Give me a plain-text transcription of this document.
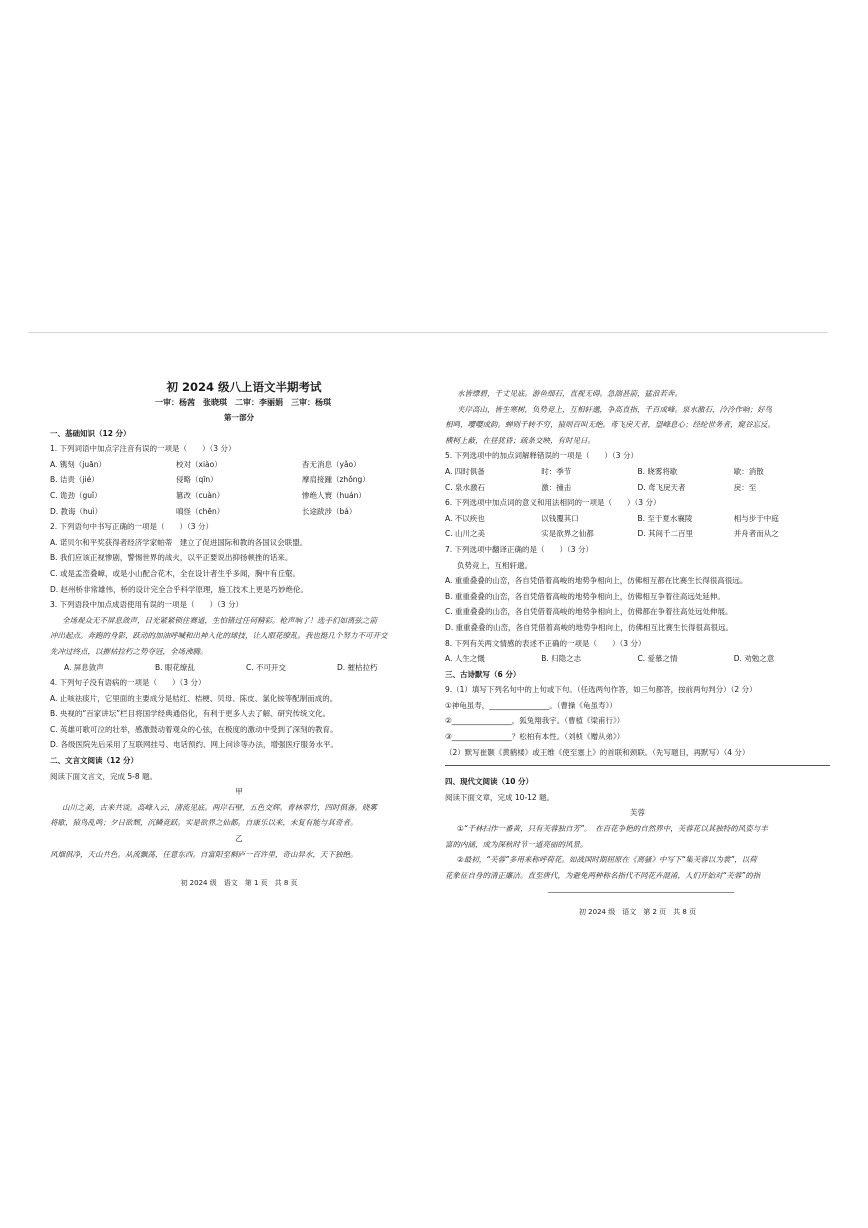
初 2024 级八上语文半期考试
一审：杨茜　张晓琪　二审：李丽娟　三审：杨琪
第一部分
一、基础知识（12 分）
1. 下列词语中加点字注音有误的一项是（　　）（3 分）
A. 镌刻（juān）	校对（xiào）	杳无消息（yǎo）
B. 诘责（jié）	侵略（qīn）	摩肩接踵（zhǒng）
C. 诡劲（guǐ）	篡改（cuàn）	惨绝人寰（huán）
D. 教诲（huì）	嗔怪（chēn）	长途跋涉（bá）
2. 下列语句中书写正确的一项是（　　）（3 分）
A. 诺贝尔和平奖获得者经济学家帕蒂　建立了促进国际和教的各国议会联盟。
B. 我们应该正视惨剧，警惕世界的战火，以平正要说出抑扬顿挫的话来。
C. 或是孟峦叠嶂，或是小山配合花木，全在设计者生乎多闻，胸中有丘壑。
D. 赵州桥非常雄伟，桥的设计完全合乎科学原理，施工技术上更是巧妙绝伦。
3. 下列语段中加点成语使用有误的一项是（　　）（3 分）
全场观众无不屏息敛声，目光紧紧锁住赛道，生怕错过任何精彩。枪声响了！选手们如离弦之箭
冲出起点。奔跑的身影，跃动的加油呼喊和出神入化的球技，让人眼花缭乱。我也挺几个努力不可开交
先冲过终点，以摧枯拉朽之势夺冠，全场沸腾。
A. 屏息敛声	B. 眼花缭乱	C. 不可开交	D. 摧枯拉朽
4. 下列句子没有语病的一项是（　　）（3 分）
A. 止咳祛痰片，它里面的主要成分是桔红、桔梗、贝母、陈皮、氯化铵等配制而成的。
B. 央视的“百家讲坛”栏目将国学经典通俗化，有利于更多人去了解、研究传统文化。
C. 英雄可歌可泣的壮举，感激鼓动着观众的心弦，在极度的激动中受到了深刻的教育。
D. 各级医院先后采用了互联网挂号、电话预约、网上问诊等办法，增强医疗服务水平。
二、文言文阅读（12 分）
阅读下面文言文，完成 5-8 题。
甲
山川之美，古来共谈。高峰入云，清流见底。两岸石壁，五色交辉。青林翠竹，四时俱备。晓雾
将歇，猿鸟乱鸣；夕日欲颓，沉鳞竞跃。实是欲界之仙都。自康乐以来，未复有能与其奇者。
乙
风烟俱净，天山共色。从流飘荡，任意东西。自富阳至桐庐一百许里，奇山异水，天下独绝。
初 2024 级　语文　第 1 页　共 8 页
水皆缥碧，千丈见底。游鱼细石，直视无碍。急湍甚箭，猛浪若奔。
夹岸高山，皆生寒树，负势竞上，互相轩邈，争高直指，千百成峰。泉水激石，泠泠作响；好鸟
相鸣，嘤嘤成韵。蝉则千转不穷，猿则百叫无绝。鸢飞戾天者，望峰息心；经纶世务者，窥谷忘反。
横柯上蔽，在昼犹昏；疏条交映，有时见日。
5. 下列选项中的加点词解释错误的一项是（　　）（3 分）
A. 四时俱备	时：季节	B. 晓雾将歇	歇：消散
C. 泉水激石	激：撞击	D. 鸢飞戾天者	戾：至
6. 下列选项中加点词的意义和用法相同的一项是（　　）（3 分）
A. 不以疾也	以钱覆其口	B. 至于夏水襄陵	相与步于中庭
C. 山川之美	实是欲界之仙都	D. 其间千二百里	并舟者而从之
7. 下列选项中翻译正确的是（　　）（3 分）
负势竞上，互相轩邈。
A. 重重叠叠的山峦，各自凭借着高峻的地势争相向上，仿佛相互都在比赛生长得很高很远。
B. 重重叠叠的山峦，各自凭借着高峻的地势争相向上，仿佛相互争着往高远处延伸。
C. 重重叠叠的山峦，各自凭借着高峻的地势争相向上，仿佛都在争着往高处远处伸展。
D. 重重叠叠的山峦，各自凭借着高峻的地势争相向上，仿佛相互比赛生长得很高很远。
8. 下列有关两文情感的表述不正确的一项是（　　）（3 分）
A. 人生之慨	B. 归隐之志	C. 爱慕之情	D. 劝勉之意
三、古诗默写（6 分）
9.（1）填写下列名句中的上句或下句。（任选两句作答，如三句都答，按前两句判分）（2 分）
①神龟虽寿，________________。（曹操《龟虽寿》）
②________________，狐兔翔我宇。（曹植《梁甫行》）
③________________？松柏有本性。（刘桢《赠从弟》）
（2）默写崔颢《黄鹤楼》或王维《使至塞上》的首联和颈联。（先写题目，再默写）（4 分）
四、现代文阅读（10 分）
阅读下面文章，完成 10-12 题。
芙蓉
①“千林扫作一番黄，只有芙蓉独自芳”。　在百花争艳的自然界中，芙蓉花以其独特的风姿与丰
富的内涵，成为深秋时节一道亮丽的风景。
②最初，“芙蓉”多用来称呼荷花。如战国时期屈原在《离骚》中写下“集芙蓉以为裳”，以荷
花象征自身的清正廉洁。直至唐代，为避免两种称名指代不同花卉混淆，人们开始对“芙蓉”的指
初 2024 级　语文　第 2 页　共 8 页
